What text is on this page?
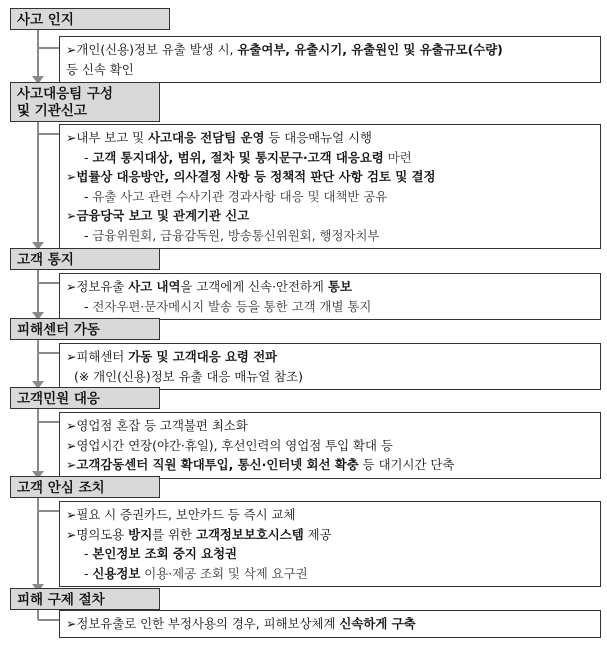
사고 인지
➢개인(신용)정보 유출 발생 시, 유출여부, 유출시기, 유출원인 및 유출규모(수량)
등 신속 확인
사고대응팀 구성
및 기관신고
➢내부 보고 및 사고대응 전담팀 운영 등 대응매뉴얼 시행
- 고객 통지대상, 범위, 절차 및 통지문구·고객 대응요령 마련
➢법률상 대응방안, 의사결정 사항 등 정책적 판단 사항 검토 및 결정
- 유출 사고 관련 수사기관 경과사항 대응 및 대책반 공유
➢금융당국 보고 및 관계기관 신고
- 금융위원회, 금융감독원, 방송통신위원회, 행정자치부
고객 통지
➢정보유출 사고 내역을 고객에게 신속·안전하게 통보
- 전자우편·문자메시지 발송 등을 통한 고객 개별 통지
피해센터 가동
➢피해센터 가동 및 고객대응 요령 전파
(※ 개인(신용)정보 유출 대응 매뉴얼 참조)
고객민원 대응
➢영업점 혼잡 등 고객불편 최소화
➢영업시간 연장(야간·휴일), 후선인력의 영업점 투입 확대 등
➢고객감동센터 직원 확대투입, 통신·인터넷 회선 확충 등 대기시간 단축
고객 안심 조치
➢필요 시 증권카드, 보안카드 등 즉시 교체
➢명의도용 방지를 위한 고객정보보호시스템 제공
- 본인정보 조회 중지 요청권
- 신용정보 이용·제공 조회 및 삭제 요구권
피해 구제 절차
➢정보유출로 인한 부정사용의 경우, 피해보상체계 신속하게 구축
